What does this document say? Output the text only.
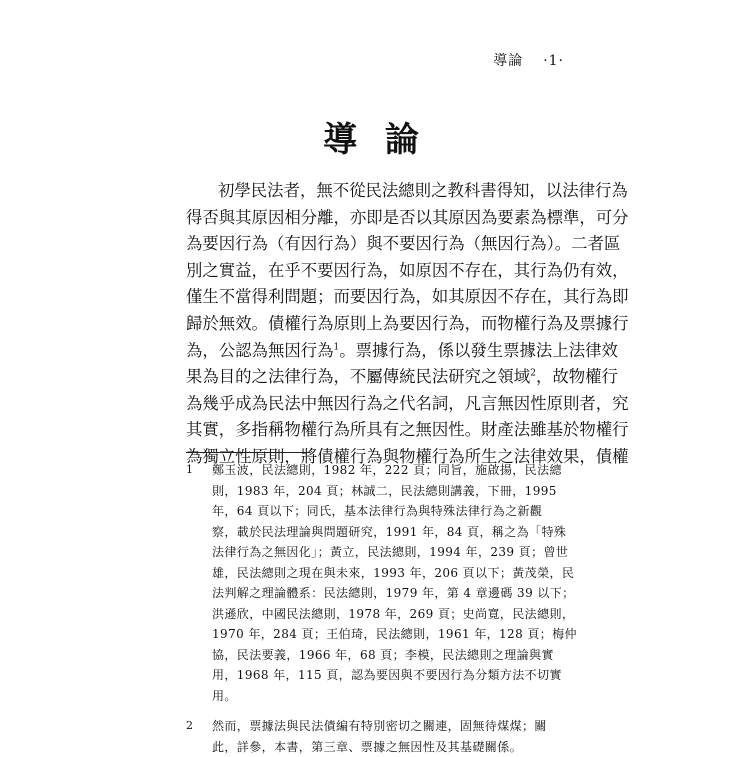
導論 ·1·
導 論
初學民法者，無不從民法總則之教科書得知，以法律行為
得否與其原因相分離，亦即是否以其原因為要素為標準，可分
為要因行為（有因行為）與不要因行為（無因行為）。二者區
別之實益，在乎不要因行為，如原因不存在，其行為仍有效，
僅生不當得利問題；而要因行為，如其原因不存在，其行為即
歸於無效。債權行為原則上為要因行為，而物權行為及票據行
為，公認為無因行為$^1$。票據行為，係以發生票據法上法律效
果為目的之法律行為，不屬傳統民法研究之領域$^2$，故物權行
為幾乎成為民法中無因行為之代名詞，凡言無因性原則者，究
其實，多指稱物權行為所具有之無因性。財產法雖基於物權行
為獨立性原則，將債權行為與物權行為所生之法律效果，債權
1 鄭玉波，民法總則，1982 年，222 頁；同旨，施啟揚，民法總
則，1983 年，204 頁；林誠二，民法總則講義，下冊，1995
年，64 頁以下；同氏，基本法律行為與特殊法律行為之新觀
察，載於民法理論與問題研究，1991 年，84 頁，稱之為「特殊
法律行為之無因化」；黃立，民法總則，1994 年，239 頁；曾世
雄，民法總則之現在與未來，1993 年，206 頁以下；黃茂榮，民
法判解之理論體系：民法總則，1979 年，第 4 章邊碼 39 以下；
洪遜欣，中國民法總則，1978 年，269 頁；史尚寬，民法總則，
1970 年，284 頁；王伯琦，民法總則，1961 年，128 頁；梅仲
協，民法要義，1966 年，68 頁；李模，民法總則之理論與實
用，1968 年，115 頁，認為要因與不要因行為分類方法不切實
用。
2 然而，票據法與民法債編有特別密切之關連，固無待煤煤；關
此，詳參，本書，第三章、票據之無因性及其基礎關係。
